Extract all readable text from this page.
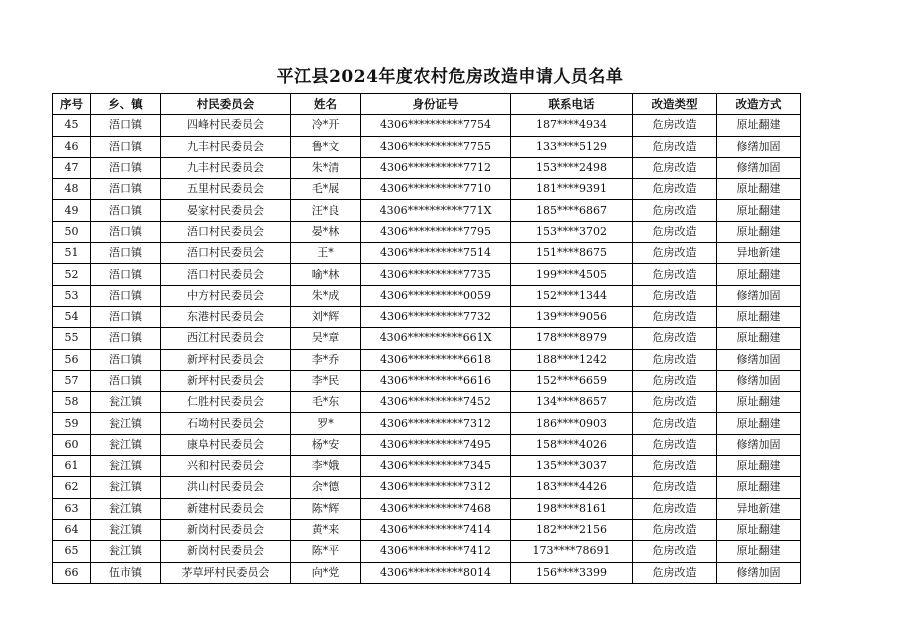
平江县2024年度农村危房改造申请人员名单
序号	乡、镇	村民委员会	姓名	身份证号	联系电话	改造类型	改造方式
45	浯口镇	四峰村民委员会	冷*开	4306**********7754	187****4934	危房改造	原址翻建
46	浯口镇	九丰村民委员会	鲁*文	4306**********7755	133****5129	危房改造	修缮加固
47	浯口镇	九丰村民委员会	朱*清	4306**********7712	153****2498	危房改造	修缮加固
48	浯口镇	五里村民委员会	毛*展	4306**********7710	181****9391	危房改造	原址翻建
49	浯口镇	晏家村民委员会	汪*良	4306**********771X	185****6867	危房改造	原址翻建
50	浯口镇	浯口村民委员会	晏*林	4306**********7795	153****3702	危房改造	原址翻建
51	浯口镇	浯口村民委员会	王*	4306**********7514	151****8675	危房改造	异地新建
52	浯口镇	浯口村民委员会	喻*林	4306**********7735	199****4505	危房改造	原址翻建
53	浯口镇	中方村民委员会	朱*成	4306**********0059	152****1344	危房改造	修缮加固
54	浯口镇	东港村民委员会	刘*辉	4306**********7732	139****9056	危房改造	原址翻建
55	浯口镇	西江村民委员会	吴*章	4306**********661X	178****8979	危房改造	原址翻建
56	浯口镇	新坪村民委员会	李*乔	4306**********6618	188****1242	危房改造	修缮加固
57	浯口镇	新坪村民委员会	李*民	4306**********6616	152****6659	危房改造	修缮加固
58	瓮江镇	仁胜村民委员会	毛*东	4306**********7452	134****8657	危房改造	原址翻建
59	瓮江镇	石坳村民委员会	罗*	4306**********7312	186****0903	危房改造	原址翻建
60	瓮江镇	康阜村民委员会	杨*安	4306**********7495	158****4026	危房改造	修缮加固
61	瓮江镇	兴和村民委员会	李*娥	4306**********7345	135****3037	危房改造	原址翻建
62	瓮江镇	洪山村民委员会	余*德	4306**********7312	183****4426	危房改造	原址翻建
63	瓮江镇	新建村民委员会	陈*辉	4306**********7468	198****8161	危房改造	异地新建
64	瓮江镇	新岗村民委员会	黄*来	4306**********7414	182****2156	危房改造	原址翻建
65	瓮江镇	新岗村民委员会	陈*平	4306**********7412	173****78691	危房改造	原址翻建
66	伍市镇	茅草坪村民委员会	向*党	4306**********8014	156****3399	危房改造	修缮加固
